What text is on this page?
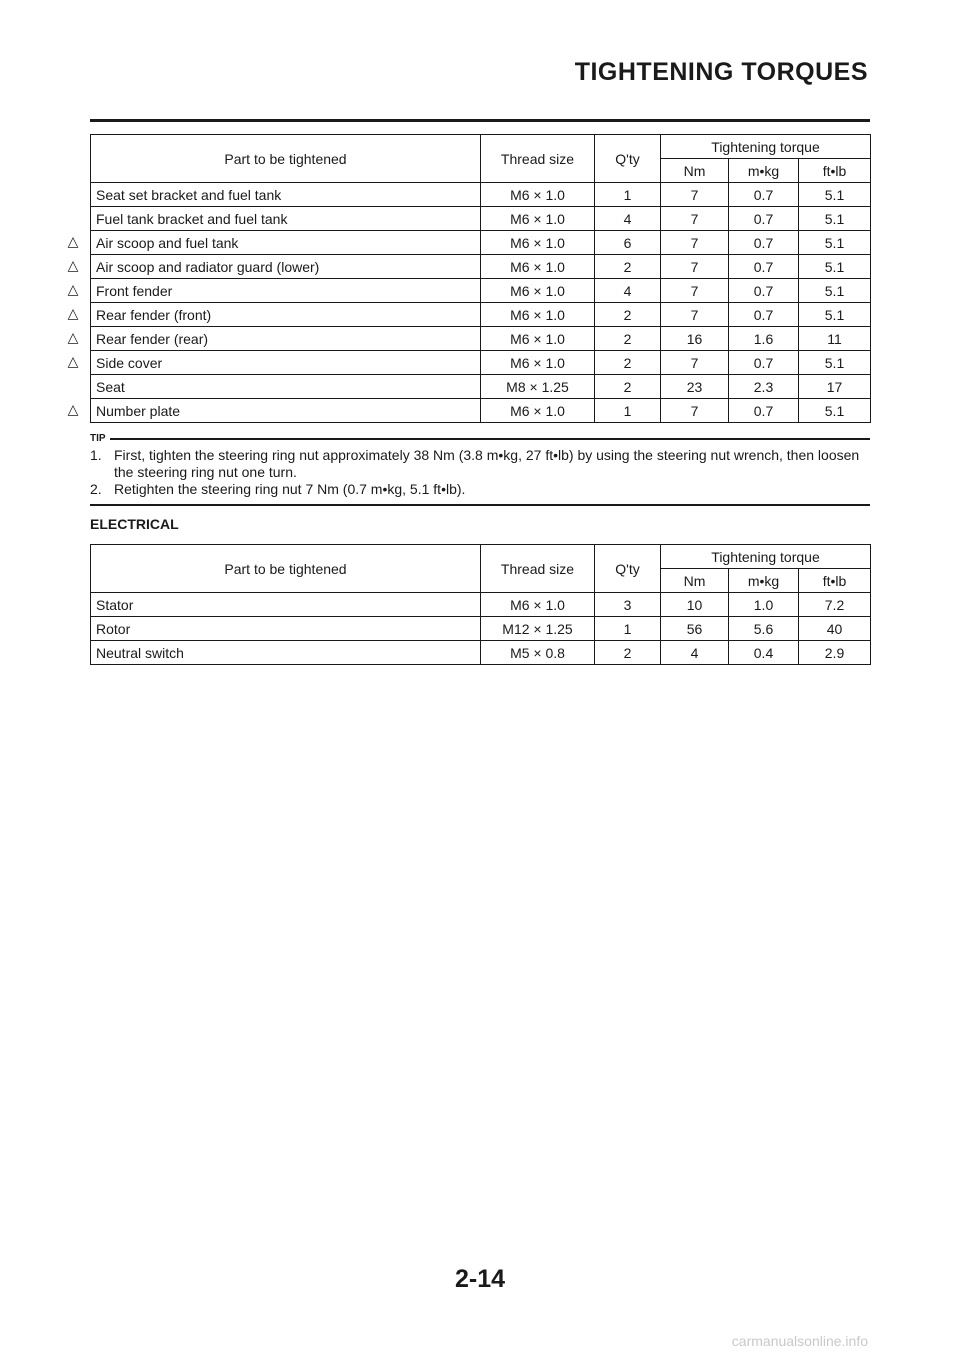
TIGHTENING TORQUES
Part to be tightened	Thread size	Q'ty	Tightening torque		
			Nm	m•kg	ft•lb
Seat set bracket and fuel tank	M6 × 1.0	1	7	0.7	5.1
Fuel tank bracket and fuel tank	M6 × 1.0	4	7	0.7	5.1
Air scoop and fuel tank	M6 × 1.0	6	7	0.7	5.1
Air scoop and radiator guard (lower)	M6 × 1.0	2	7	0.7	5.1
Front fender	M6 × 1.0	4	7	0.7	5.1
Rear fender (front)	M6 × 1.0	2	7	0.7	5.1
Rear fender (rear)	M6 × 1.0	2	16	1.6	11
Side cover	M6 × 1.0	2	7	0.7	5.1
Seat	M8 × 1.25	2	23	2.3	17
Number plate	M6 × 1.0	1	7	0.7	5.1
△
△
△
△
△
△
△
TIP
1. First, tighten the steering ring nut approximately 38 Nm (3.8 m•kg, 27 ft•lb) by using the steering nut wrench, then loosen the steering ring nut one turn.
2. Retighten the steering ring nut 7 Nm (0.7 m•kg, 5.1 ft•lb).
ELECTRICAL
Part to be tightened	Thread size	Q'ty	Tightening torque		
			Nm	m•kg	ft•lb
Stator	M6 × 1.0	3	10	1.0	7.2
Rotor	M12 × 1.25	1	56	5.6	40
Neutral switch	M5 × 0.8	2	4	0.4	2.9
2-14
carmanualsonline.info
